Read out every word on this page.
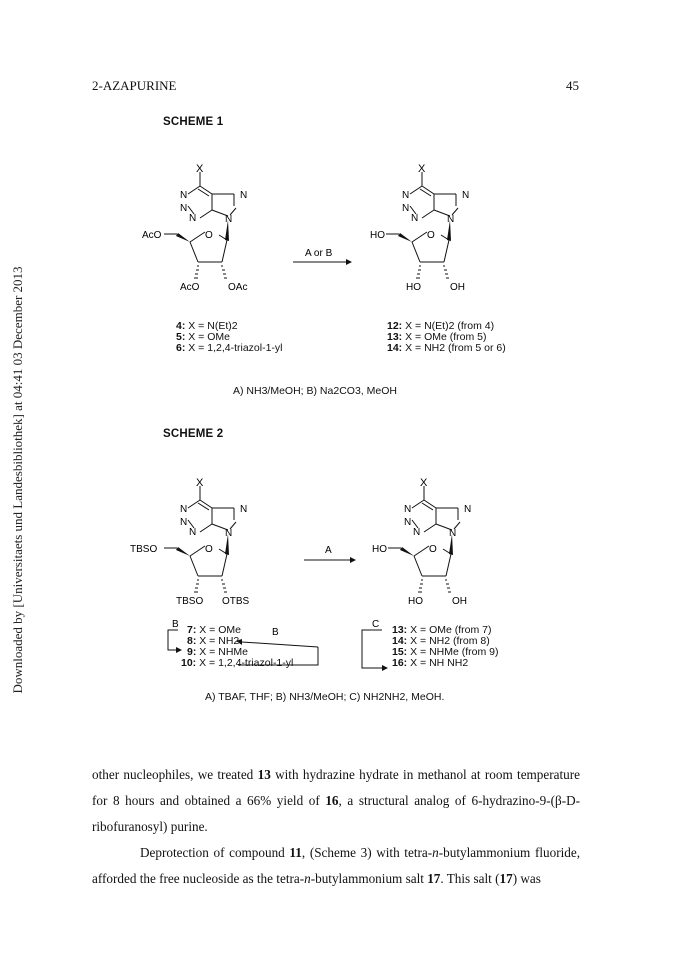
Downloaded by [Universitaets und Landesbibliothek] at 04:41 03 December 2013
2-AZAPURINE	45
SCHEME 1
X
N
N
N
N
N
O
AcO
AcO	OAc
X
N
N
N
N
N
O
HO
HO	OH
X
N
N
N
N
N
O
TBSO
TBSO OTBS
X
N
N
N
N
N
O
HO
HO	OH
A or B
A
B
B
C
4: X = N(Et)2
5: X = OMe
6: X = 1,2,4-triazol-1-yl
12: X = N(Et)2 (from 4)
13: X = OMe (from 5)
14: X = NH2 (from 5 or 6)
A) NH3/MeOH; B) Na2CO3, MeOH
SCHEME 2
7: X = OMe
8: X = NH2
9: X = NHMe
10: X = 1,2,4-triazol-1-yl
13: X = OMe (from 7)
14: X = NH2 (from 8)
15: X = NHMe (from 9)
16: X = NH NH2
A) TBAF, THF; B) NH3/MeOH; C) NH2NH2, MeOH.

other nucleophiles, we treated 13 with hydrazine hydrate in methanol at room temperature for 8 hours and obtained a 66% yield of 16, a structural analog of 6-hydrazino-9-(β-D-ribofuranosyl) purine.

Deprotection of compound 11, (Scheme 3) with tetra-n-butylammonium fluoride, afforded the free nucleoside as the tetra-n-butylammonium salt 17. This salt (17) was
